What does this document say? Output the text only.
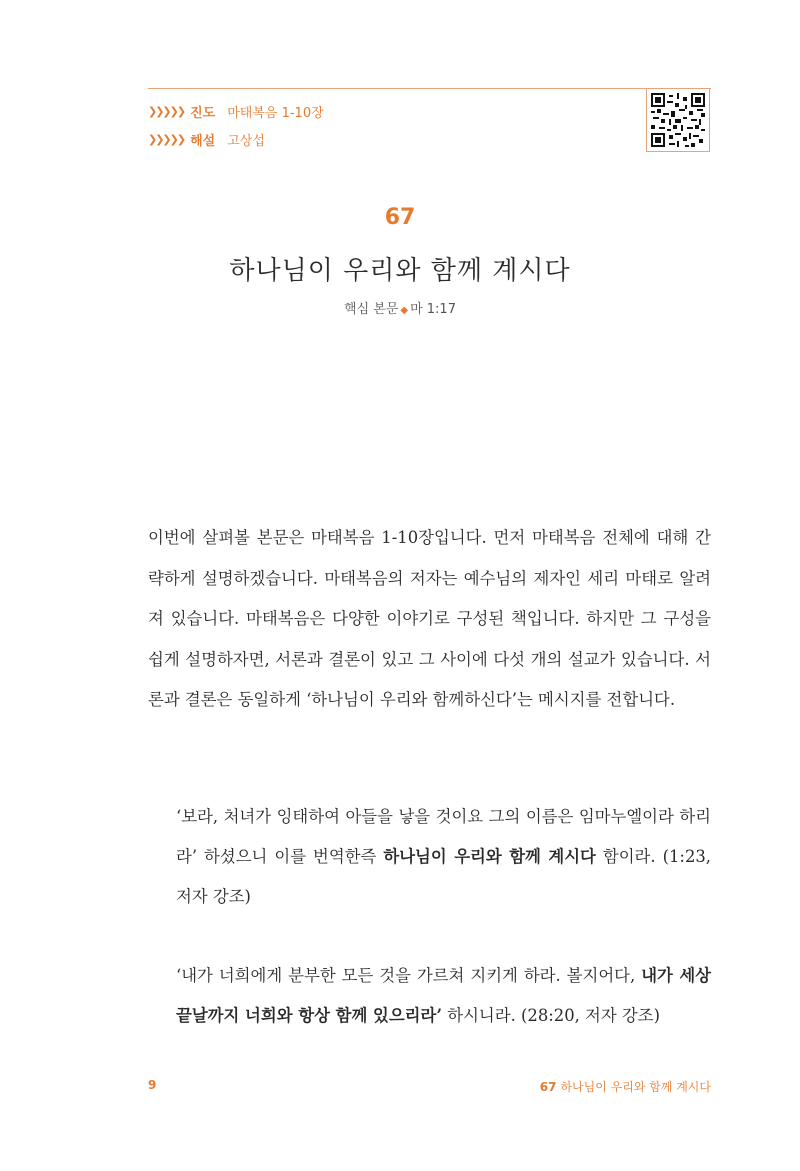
❯❯❯❯❯ 진도 마태복음 1-10장
❯❯❯❯❯ 해설 고상섭
67
하나님이 우리와 함께 계시다
핵심 본문 ◆ 마 1:17
이번에 살펴볼 본문은 마태복음 1-10장입니다. 먼저 마태복음 전체에 대해 간략하게 설명하겠습니다. 마태복음의 저자는 예수님의 제자인 세리 마태로 알려져 있습니다. 마태복음은 다양한 이야기로 구성된 책입니다. 하지만 그 구성을 쉽게 설명하자면, 서론과 결론이 있고 그 사이에 다섯 개의 설교가 있습니다. 서론과 결론은 동일하게 ‘하나님이 우리와 함께하신다’는 메시지를 전합니다.
‘보라, 처녀가 잉태하여 아들을 낳을 것이요 그의 이름은 임마누엘이라 하리라’ 하셨으니 이를 번역한즉 하나님이 우리와 함께 계시다 함이라. (1:23, 저자 강조)
‘내가 너희에게 분부한 모든 것을 가르쳐 지키게 하라. 볼지어다, 내가 세상 끝날까지 너희와 항상 함께 있으리라’ 하시니라. (28:20, 저자 강조)
9	67 하나님이 우리와 함께 계시다
